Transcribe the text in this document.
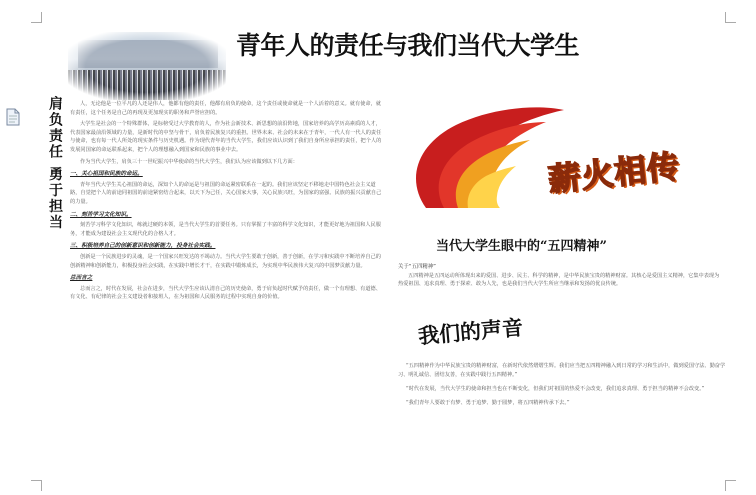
肩负责任 勇于担当
青年人的责任与我们当代大学生

人，无论他是一位平凡的人还是伟人，他都有他的责任，他都有肩负的使命，这个责任或使命就是一个人活着的意义。就有使命，就有责任，这个任务是自己的再现及更加现实的职务和声誉应担的。

大学生是社会的一个特殊群体，是标榜受过大学教育的人，作为社会新技术、新思想的前沿阵地，国家培养的高学历高素质的人才，代表国家最前沿领域的力量，是新时代的中坚与骨干，肩负着民族复兴的重担。世界未来、社会的未来在于青年，一代人有一代人的责任与使命，也有每一代人所处的现实条件与历史机遇。作为现代青年的当代大学生，我们应该认识到了我们自身所应承担的责任，把个人的发展同国家的命运联系起来，把个人的理想融入到国家和民族的事业中去。

作为当代大学生，肩负三十一世纪振兴中华使命的当代大学生，我们认为应该做到以下几方面：

一、关心祖国和民族的命运。

青年当代大学生关心祖国的命运，深知个人的命运是与祖国的命运紧密联系在一起的。我们应该坚定不移地走中国特色社会主义道路，自觉把个人的前途同祖国的前途紧密结合起来，以天下为己任，关心国家大事，关心民族兴旺，为国家的富强、民族的振兴贡献自己的力量。

二、刻苦学习文化知识。

刻苦学习科学文化知识，练就过硬的本领，是当代大学生的首要任务。只有掌握了丰富的科学文化知识，才能更好地为祖国和人民服务，才能成为建设社会主义现代化的合格人才。

三、积极培养自己的创新意识和创新能力，投身社会实践。

创新是一个民族进步的灵魂，是一个国家兴旺发达的不竭动力。当代大学生要敢于创新，善于创新，在学习和实践中不断培养自己的创新精神和创新能力，积极投身社会实践，在实践中增长才干，在实践中锻炼成长，为实现中华民族伟大复兴的中国梦贡献力量。

总而言之

总而言之，时代在发展，社会在进步，当代大学生应该认清自己的历史使命，勇于肩负起时代赋予的责任，做一个有理想、有道德、有文化、有纪律的社会主义建设者和接班人，在为祖国和人民服务的过程中实现自身的价值。

薪火相传
当代大学生眼中的“五四精神”
关于“五四精神”

五四精神是五四运动所体现出来的爱国、进步、民主、科学的精神，是中华民族宝贵的精神财富。其核心是爱国主义精神，它集中表现为热爱祖国、追求真理、勇于探索、敢为人先，也是我们当代大学生所应当继承和发扬的优良传统。

我们的声音

“五四精神作为中华民族宝贵的精神财富，在新时代依然熠熠生辉。我们应当把五四精神融入到日常的学习和生活中，做到爱国守法、勤奋学习、明礼诚信、团结友善，在实践中践行五四精神。”

“时代在发展，当代大学生的使命和担当也在不断变化，但我们对祖国的热爱不会改变，我们追求真理、勇于担当的精神不会改变。”

“我们青年人要敢于有梦、勇于追梦、勤于圆梦，将五四精神传承下去。”
